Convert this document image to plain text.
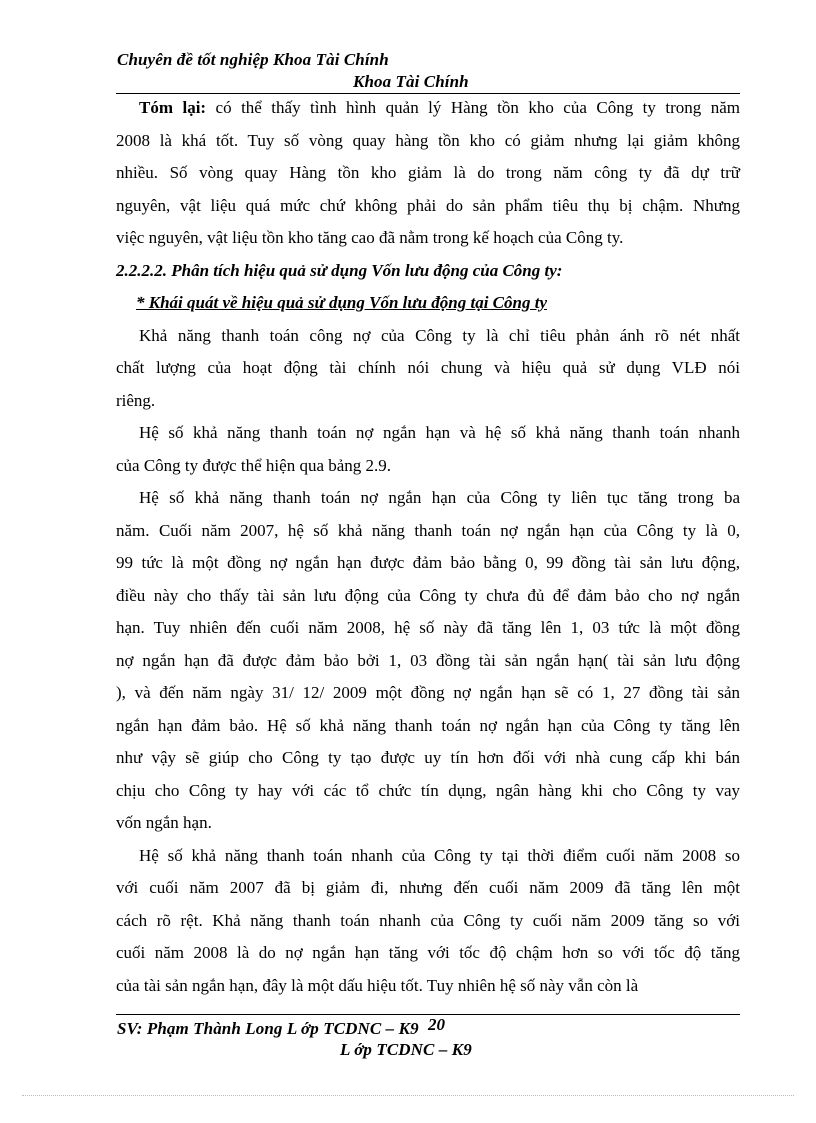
Chuyên đề tốt nghiệp Khoa Tài Chính
Khoa Tài Chính
Tóm lại: có thể thấy tình hình quản lý Hàng tồn kho của Công ty trong năm
2008 là khá tốt. Tuy số vòng quay hàng tồn kho có giảm nhưng lại giảm không
nhiều. Số vòng quay Hàng tồn kho giảm là do trong năm công ty đã dự trữ
nguyên, vật liệu quá mức chứ không phải do sản phẩm tiêu thụ bị chậm. Nhưng
việc nguyên, vật liệu tồn kho tăng cao đã nằm trong kế hoạch của Công ty.
2.2.2.2. Phân tích hiệu quả sử dụng Vốn lưu động của Công ty:
* Khái quát về hiệu quả sử dụng Vốn lưu động tại Công ty
Khả năng thanh toán công nợ của Công ty là chỉ tiêu phản ánh rõ nét nhất
chất lượng của hoạt động tài chính nói chung và hiệu quả sử dụng VLĐ nói
riêng.
Hệ số khả năng thanh toán nợ ngắn hạn và hệ số khả năng thanh toán nhanh
của Công ty được thể hiện qua bảng 2.9.
Hệ số khả năng thanh toán nợ ngắn hạn của Công ty liên tục tăng trong ba
năm. Cuối năm 2007, hệ số khả năng thanh toán nợ ngắn hạn của Công ty là 0,
99 tức là một đồng nợ ngắn hạn được đảm bảo bằng 0, 99 đồng tài sản lưu động,
điều này cho thấy tài sản lưu động của Công ty chưa đủ để đảm bảo cho nợ ngắn
hạn. Tuy nhiên đến cuối năm 2008, hệ số này đã tăng lên 1, 03 tức là một đồng
nợ ngắn hạn đã được đảm bảo bởi 1, 03 đồng tài sản ngắn hạn( tài sản lưu động
), và đến năm ngày 31/ 12/ 2009 một đồng nợ ngắn hạn sẽ có 1, 27 đồng tài sản
ngắn hạn đảm bảo. Hệ số khả năng thanh toán nợ ngắn hạn của Công ty tăng lên
như vậy sẽ giúp cho Công ty tạo được uy tín hơn đối với nhà cung cấp khi bán
chịu cho Công ty hay với các tổ chức tín dụng, ngân hàng khi cho Công ty vay
vốn ngắn hạn.
Hệ số khả năng thanh toán nhanh của Công ty tại thời điểm cuối năm 2008 so
với cuối năm 2007 đã bị giảm đi, nhưng đến cuối năm 2009 đã tăng lên một
cách rõ rệt. Khả năng thanh toán nhanh của Công ty cuối năm 2009 tăng so với
cuối năm 2008 là do nợ ngắn hạn tăng với tốc độ chậm hơn so với tốc độ tăng
của tài sản ngắn hạn, đây là một dấu hiệu tốt. Tuy nhiên hệ số này vẫn còn là
SV: Phạm Thành Long L ớp TCDNC – K9 20
L ớp TCDNC – K9
